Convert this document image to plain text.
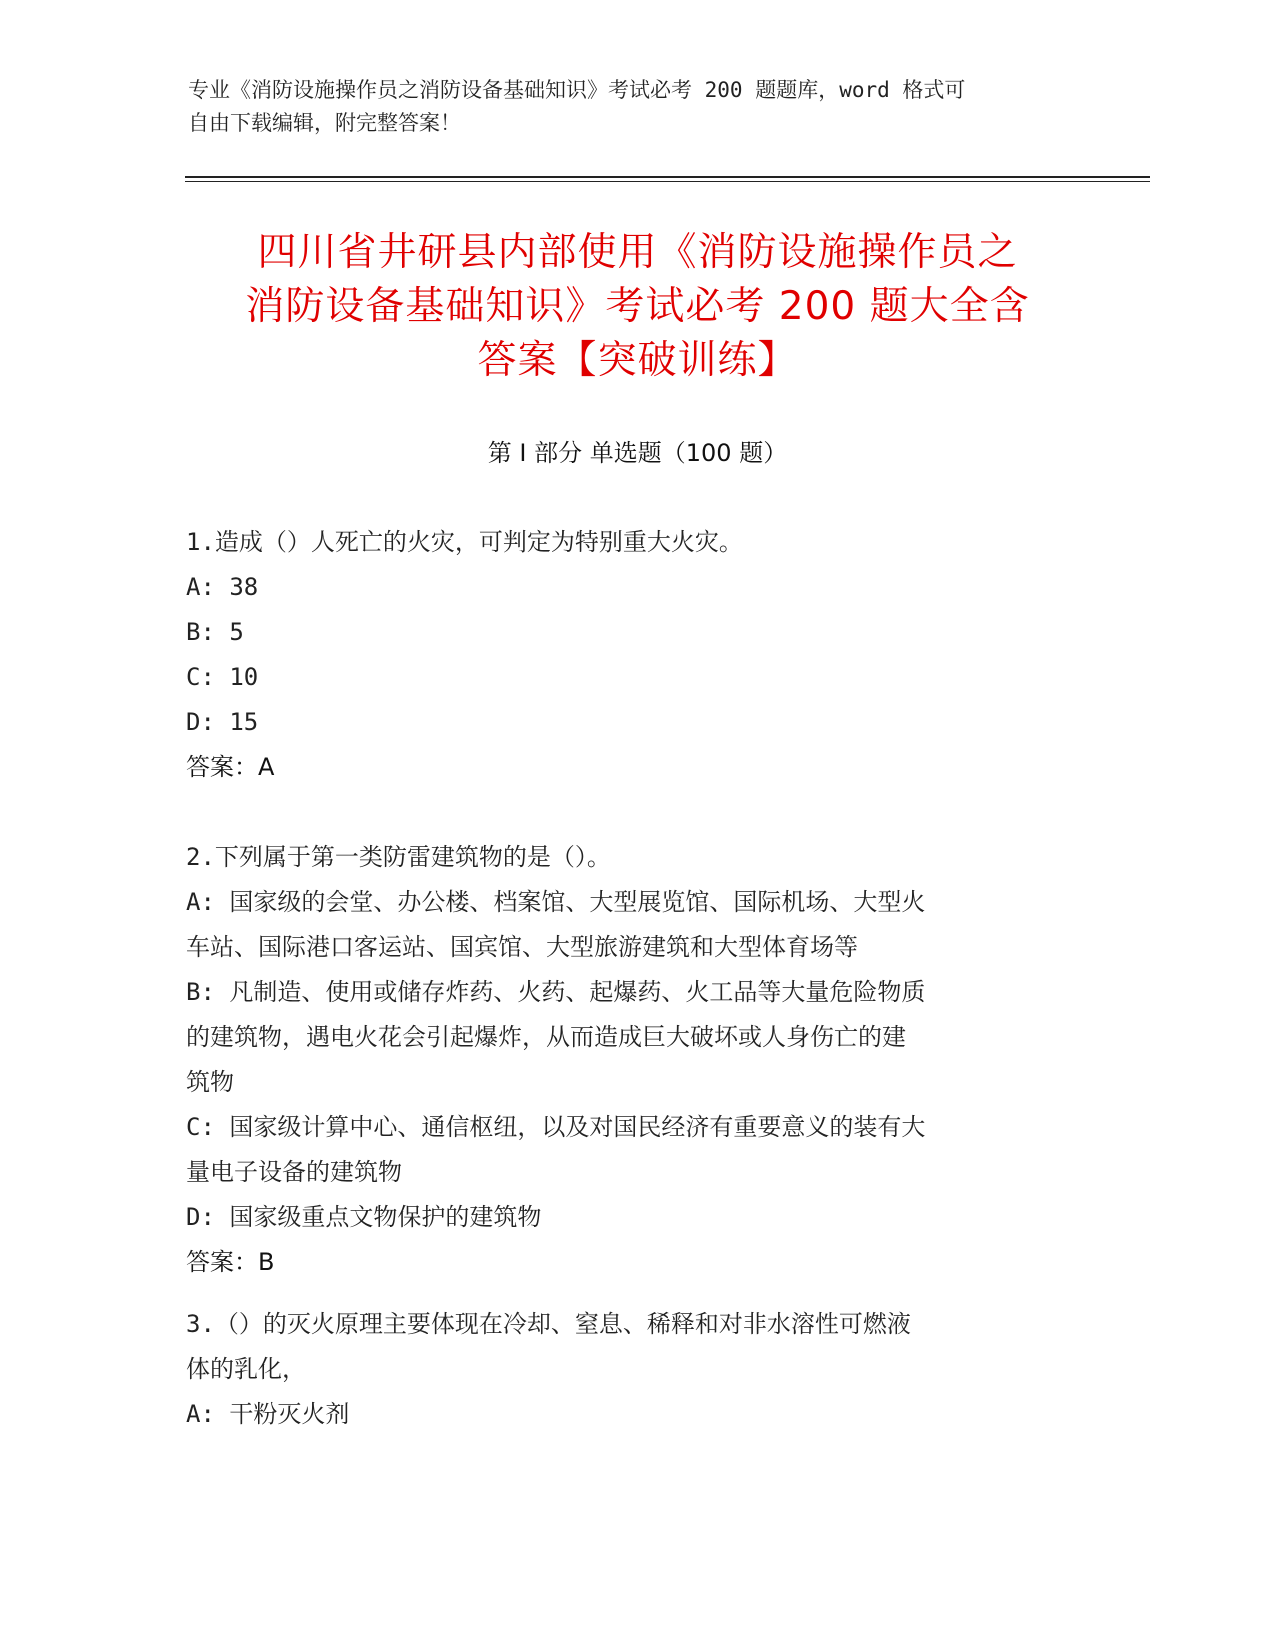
专业《消防设施操作员之消防设备基础知识》考试必考 200 题题库，word 格式可
自由下载编辑，附完整答案！
四川省井研县内部使用《消防设施操作员之
消防设备基础知识》考试必考 200 题大全含
答案【突破训练】
第 I 部分 单选题（100 题）
1.造成（）人死亡的火灾，可判定为特别重大火灾。
A: 38
B: 5
C: 10
D: 15
答案：A
2.下列属于第一类防雷建筑物的是（）。
A: 国家级的会堂、办公楼、档案馆、大型展览馆、国际机场、大型火
车站、国际港口客运站、国宾馆、大型旅游建筑和大型体育场等
B: 凡制造、使用或储存炸药、火药、起爆药、火工品等大量危险物质
的建筑物，遇电火花会引起爆炸，从而造成巨大破坏或人身伤亡的建
筑物
C: 国家级计算中心、通信枢纽，以及对国民经济有重要意义的装有大
量电子设备的建筑物
D: 国家级重点文物保护的建筑物
答案：B
3.（）的灭火原理主要体现在冷却、窒息、稀释和对非水溶性可燃液
体的乳化，
A: 干粉灭火剂
